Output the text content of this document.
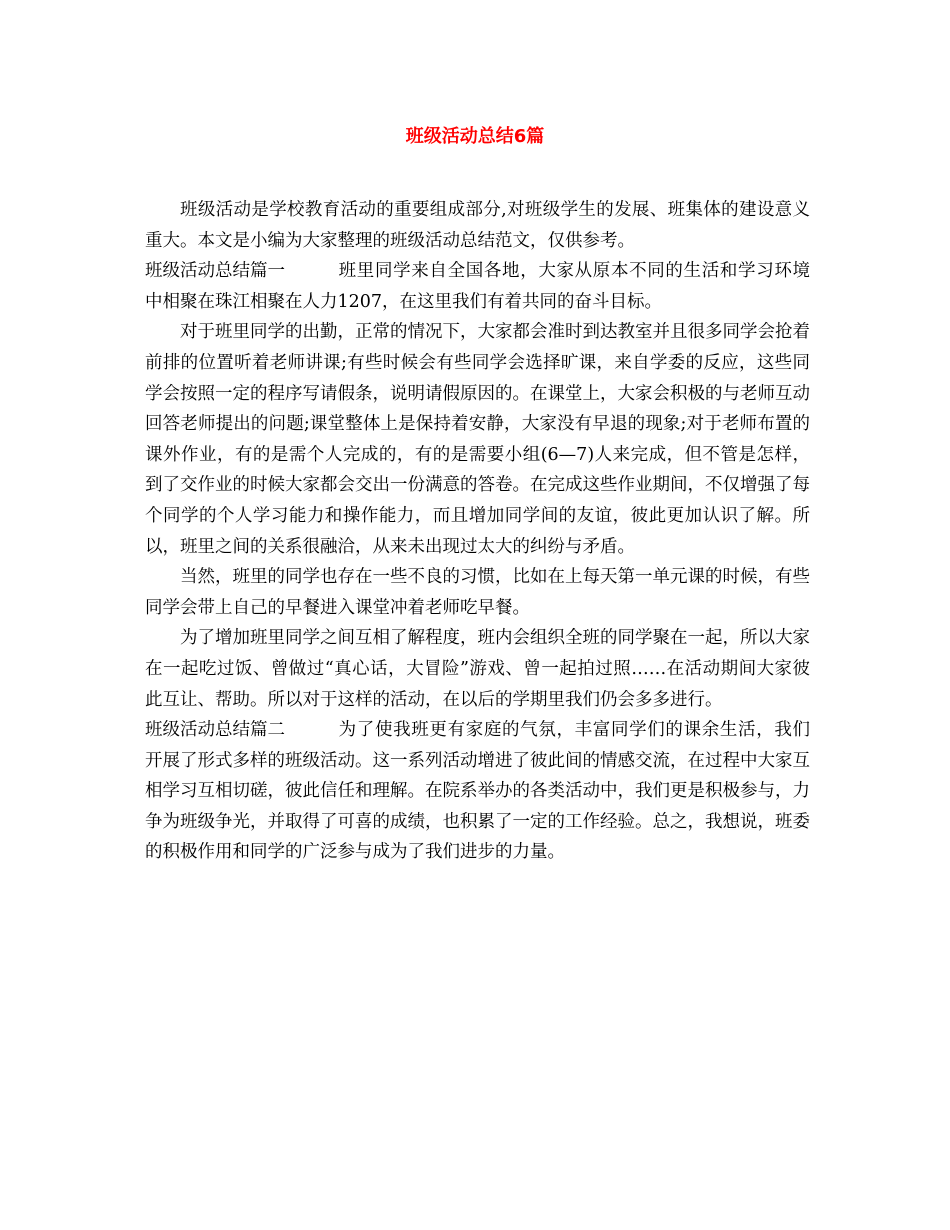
班级活动总结6篇

班级活动是学校教育活动的重要组成部分,对班级学生的发展、班集体的建设意义重大。本文是小编为大家整理的班级活动总结范文，仅供参考。

班级活动总结篇一	班里同学来自全国各地，大家从原本不同的生活和学习环境中相聚在珠江相聚在人力1207，在这里我们有着共同的奋斗目标。

对于班里同学的出勤，正常的情况下，大家都会准时到达教室并且很多同学会抢着前排的位置听着老师讲课;有些时候会有些同学会选择旷课，来自学委的反应，这些同学会按照一定的程序写请假条，说明请假原因的。在课堂上，大家会积极的与老师互动回答老师提出的问题;课堂整体上是保持着安静，大家没有早退的现象;对于老师布置的课外作业，有的是需个人完成的，有的是需要小组(6—7)人来完成，但不管是怎样，到了交作业的时候大家都会交出一份满意的答卷。在完成这些作业期间，不仅增强了每个同学的个人学习能力和操作能力，而且增加同学间的友谊，彼此更加认识了解。所以，班里之间的关系很融洽，从来未出现过太大的纠纷与矛盾。

当然，班里的同学也存在一些不良的习惯，比如在上每天第一单元课的时候，有些同学会带上自己的早餐进入课堂冲着老师吃早餐。

为了增加班里同学之间互相了解程度，班内会组织全班的同学聚在一起，所以大家在一起吃过饭、曾做过“真心话，大冒险”游戏、曾一起拍过照……在活动期间大家彼此互让、帮助。所以对于这样的活动，在以后的学期里我们仍会多多进行。

班级活动总结篇二	为了使我班更有家庭的气氛，丰富同学们的课余生活，我们开展了形式多样的班级活动。这一系列活动增进了彼此间的情感交流，在过程中大家互相学习互相切磋，彼此信任和理解。在院系举办的各类活动中，我们更是积极参与，力争为班级争光，并取得了可喜的成绩，也积累了一定的工作经验。总之，我想说，班委的积极作用和同学的广泛参与成为了我们进步的力量。
